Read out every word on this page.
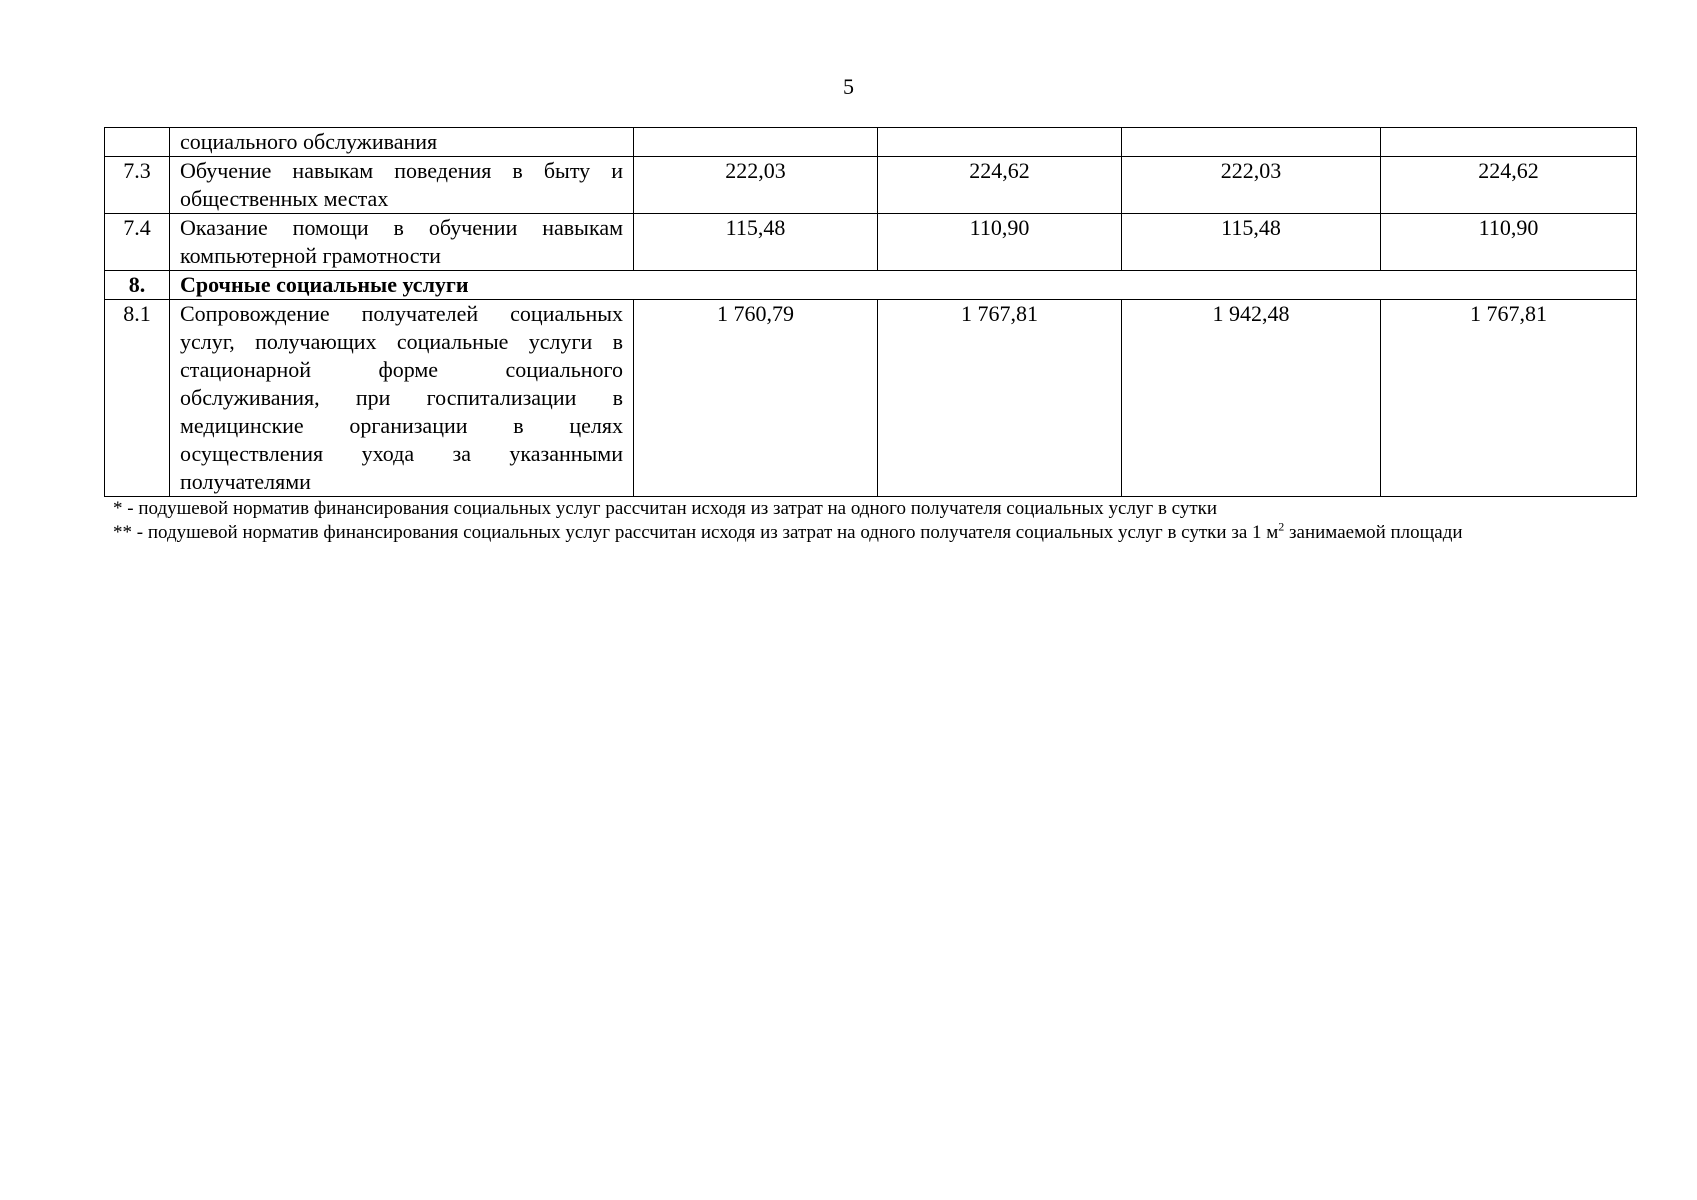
5
	социального обслуживания				
7.3	Обучение навыкам поведения в быту и общественных местах	222,03	224,62	222,03	224,62
7.4	Оказание помощи в обучении навыкам компьютерной грамотности	115,48	110,90	115,48	110,90
8.	Срочные социальные услуги				
8.1	Сопровождение получателей социальных услуг, получающих социальные услуги в стационарной форме социального обслуживания, при госпитализации в медицинские организации в целях осуществления ухода за указанными получателями	1 760,79	1 767,81	1 942,48	1 767,81
* - подушевой норматив финансирования социальных услуг рассчитан исходя из затрат на одного получателя социальных услуг в сутки
** - подушевой норматив финансирования социальных услуг рассчитан исходя из затрат на одного получателя социальных услуг в сутки за 1 $м^2$ занимаемой площади
